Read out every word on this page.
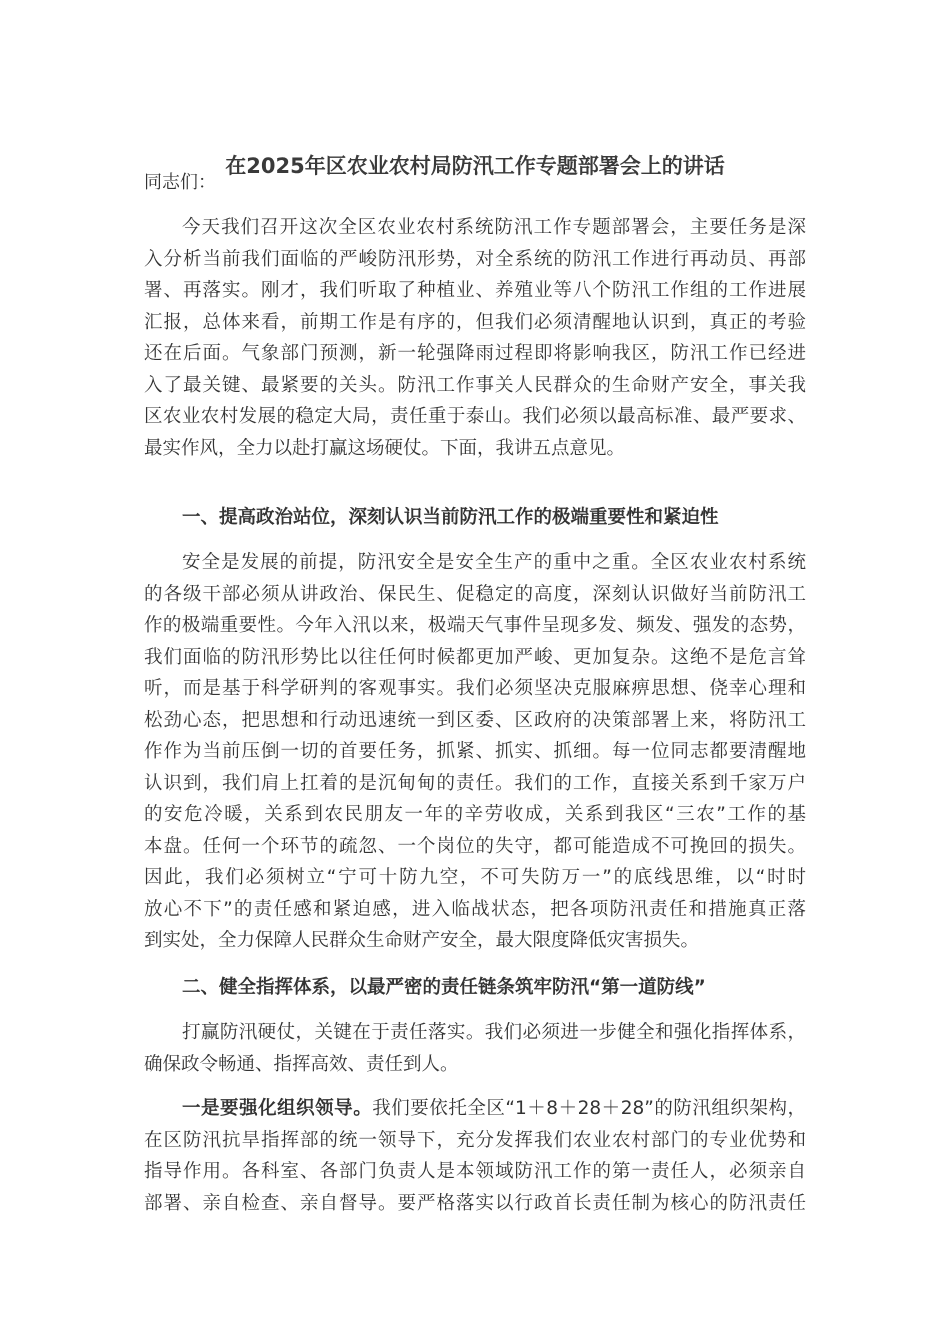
在2025年区农业农村局防汛工作专题部署会上的讲话
同志们：
今天我们召开这次全区农业农村系统防汛工作专题部署会，主要任务是深
入分析当前我们面临的严峻防汛形势，对全系统的防汛工作进行再动员、再部
署、再落实。刚才，我们听取了种植业、养殖业等八个防汛工作组的工作进展
汇报，总体来看，前期工作是有序的，但我们必须清醒地认识到，真正的考验
还在后面。气象部门预测，新一轮强降雨过程即将影响我区，防汛工作已经进
入了最关键、最紧要的关头。防汛工作事关人民群众的生命财产安全，事关我
区农业农村发展的稳定大局，责任重于泰山。我们必须以最高标准、最严要求、
最实作风，全力以赴打赢这场硬仗。下面，我讲五点意见。
一、提高政治站位，深刻认识当前防汛工作的极端重要性和紧迫性
安全是发展的前提，防汛安全是安全生产的重中之重。全区农业农村系统
的各级干部必须从讲政治、保民生、促稳定的高度，深刻认识做好当前防汛工
作的极端重要性。今年入汛以来，极端天气事件呈现多发、频发、强发的态势，
我们面临的防汛形势比以往任何时候都更加严峻、更加复杂。这绝不是危言耸
听，而是基于科学研判的客观事实。我们必须坚决克服麻痹思想、侥幸心理和
松劲心态，把思想和行动迅速统一到区委、区政府的决策部署上来，将防汛工
作作为当前压倒一切的首要任务，抓紧、抓实、抓细。每一位同志都要清醒地
认识到，我们肩上扛着的是沉甸甸的责任。我们的工作，直接关系到千家万户
的安危冷暖，关系到农民朋友一年的辛劳收成，关系到我区“三农”工作的基
本盘。任何一个环节的疏忽、一个岗位的失守，都可能造成不可挽回的损失。
因此，我们必须树立“宁可十防九空，不可失防万一”的底线思维，以“时时
放心不下”的责任感和紧迫感，进入临战状态，把各项防汛责任和措施真正落
到实处，全力保障人民群众生命财产安全，最大限度降低灾害损失。
二、健全指挥体系，以最严密的责任链条筑牢防汛“第一道防线”
打赢防汛硬仗，关键在于责任落实。我们必须进一步健全和强化指挥体系，
确保政令畅通、指挥高效、责任到人。
一是要强化组织领导。我们要依托全区“1＋8＋28＋28”的防汛组织架构，
在区防汛抗旱指挥部的统一领导下，充分发挥我们农业农村部门的专业优势和
指导作用。各科室、各部门负责人是本领域防汛工作的第一责任人，必须亲自
部署、亲自检查、亲自督导。要严格落实以行政首长责任制为核心的防汛责任
